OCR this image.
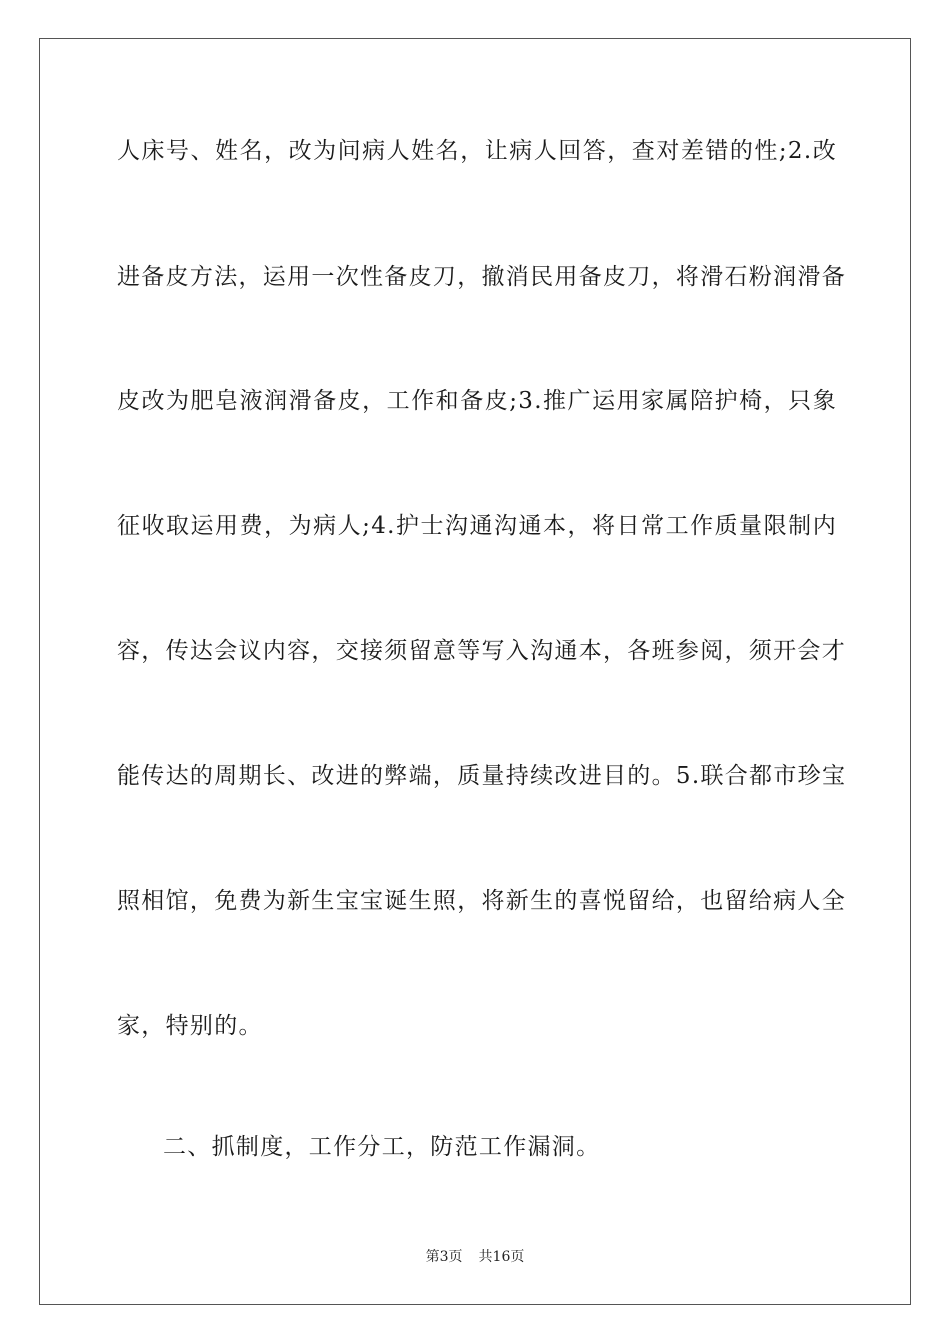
人床号、姓名，改为问病人姓名，让病人回答，查对差错的性;2.改
进备皮方法，运用一次性备皮刀，撤消民用备皮刀，将滑石粉润滑备
皮改为肥皂液润滑备皮，工作和备皮;3.推广运用家属陪护椅，只象
征收取运用费，为病人;4.护士沟通沟通本，将日常工作质量限制内
容，传达会议内容，交接须留意等写入沟通本，各班参阅，须开会才
能传达的周期长、改进的弊端，质量持续改进目的。5.联合都市珍宝
照相馆，免费为新生宝宝诞生照，将新生的喜悦留给，也留给病人全
家，特别的。
二、抓制度，工作分工，防范工作漏洞。
第3页 共16页
